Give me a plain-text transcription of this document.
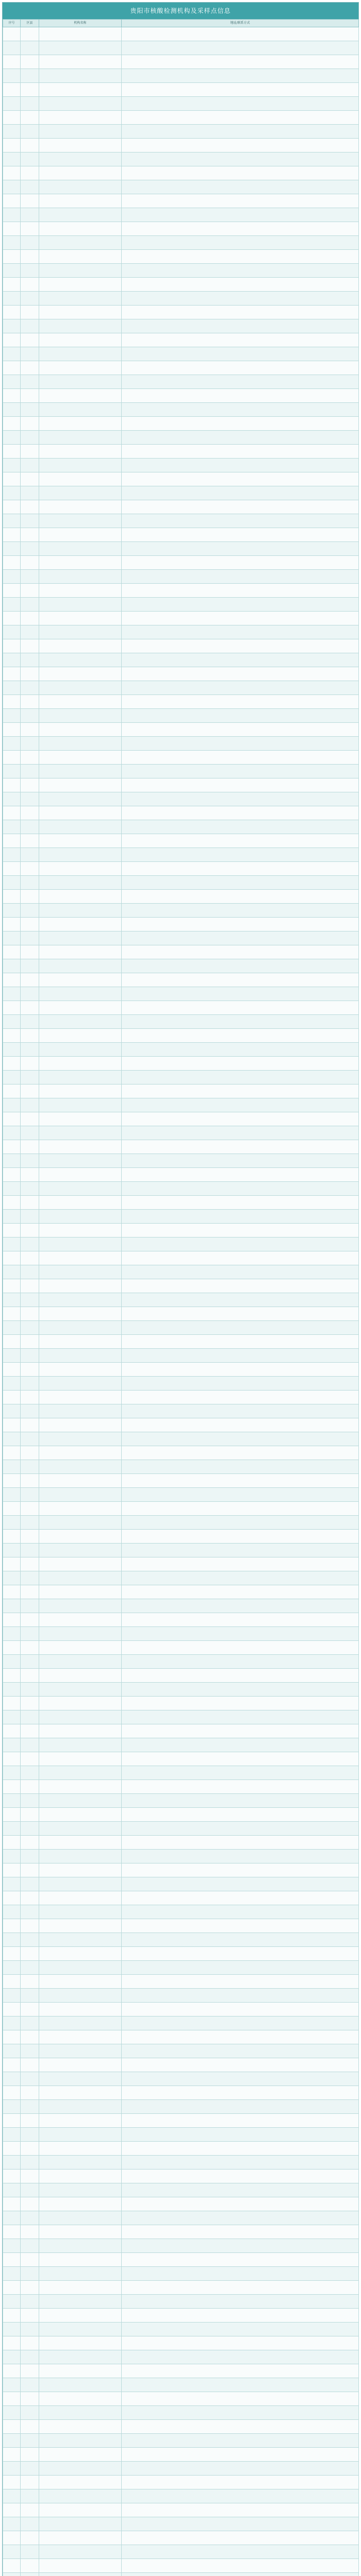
贵阳市核酸检测机构及采样点信息
序号	区县	机构名称	地址/联系方式
